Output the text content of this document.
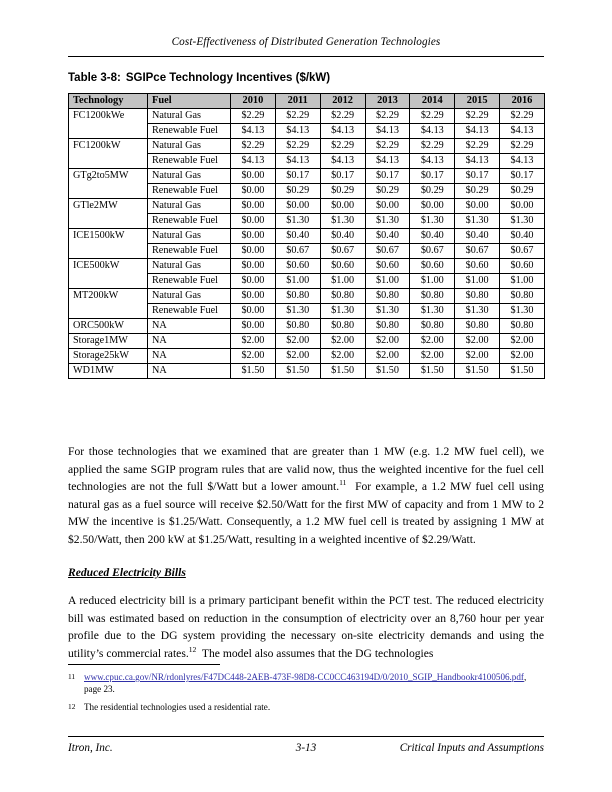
Cost-Effectiveness of Distributed Generation Technologies
Table 3-8: SGIPce Technology Incentives ($/kW)
Technology	Fuel	2010	2011	2012	2013	2014	2015	2016
FC1200kWe	Natural Gas	$2.29	$2.29	$2.29	$2.29	$2.29	$2.29	$2.29
	Renewable Fuel	$4.13	$4.13	$4.13	$4.13	$4.13	$4.13	$4.13
FC1200kW	Natural Gas	$2.29	$2.29	$2.29	$2.29	$2.29	$2.29	$2.29
	Renewable Fuel	$4.13	$4.13	$4.13	$4.13	$4.13	$4.13	$4.13
GTg2to5MW	Natural Gas	$0.00	$0.17	$0.17	$0.17	$0.17	$0.17	$0.17
	Renewable Fuel	$0.00	$0.29	$0.29	$0.29	$0.29	$0.29	$0.29
GTle2MW	Natural Gas	$0.00	$0.00	$0.00	$0.00	$0.00	$0.00	$0.00
	Renewable Fuel	$0.00	$1.30	$1.30	$1.30	$1.30	$1.30	$1.30
ICE1500kW	Natural Gas	$0.00	$0.40	$0.40	$0.40	$0.40	$0.40	$0.40
	Renewable Fuel	$0.00	$0.67	$0.67	$0.67	$0.67	$0.67	$0.67
ICE500kW	Natural Gas	$0.00	$0.60	$0.60	$0.60	$0.60	$0.60	$0.60
	Renewable Fuel	$0.00	$1.00	$1.00	$1.00	$1.00	$1.00	$1.00
MT200kW	Natural Gas	$0.00	$0.80	$0.80	$0.80	$0.80	$0.80	$0.80
	Renewable Fuel	$0.00	$1.30	$1.30	$1.30	$1.30	$1.30	$1.30
ORC500kW	NA	$0.00	$0.80	$0.80	$0.80	$0.80	$0.80	$0.80
Storage1MW	NA	$2.00	$2.00	$2.00	$2.00	$2.00	$2.00	$2.00
Storage25kW	NA	$2.00	$2.00	$2.00	$2.00	$2.00	$2.00	$2.00
WD1MW	NA	$1.50	$1.50	$1.50	$1.50	$1.50	$1.50	$1.50
For those technologies that we examined that are greater than 1 MW (e.g. 1.2 MW fuel cell), we applied the same SGIP program rules that are valid now, thus the weighted incentive for the fuel cell technologies are not the full $/Watt but a lower amount.$^{11}$ For example, a 1.2 MW fuel cell using natural gas as a fuel source will receive $2.50/Watt for the first MW of capacity and from 1 MW to 2 MW the incentive is $1.25/Watt. Consequently, a 1.2 MW fuel cell is treated by assigning 1 MW at $2.50/Watt, then 200 kW at $1.25/Watt, resulting in a weighted incentive of $2.29/Watt.
Reduced Electricity Bills
A reduced electricity bill is a primary participant benefit within the PCT test. The reduced electricity bill was estimated based on reduction in the consumption of electricity over an 8,760 hour per year profile due to the DG system providing the necessary on-site electricity demands and using the utility’s commercial rates.$^{12}$ The model also assumes that the DG technologies
11 www.cpuc.ca.gov/NR/rdonlyres/F47DC448-2AEB-473F-98D8-CC0CC463194D/0/2010_SGIP_Handbookr4100506.pdf, page 23.
12 The residential technologies used a residential rate.
3-13
Itron, Inc.	Critical Inputs and Assumptions
